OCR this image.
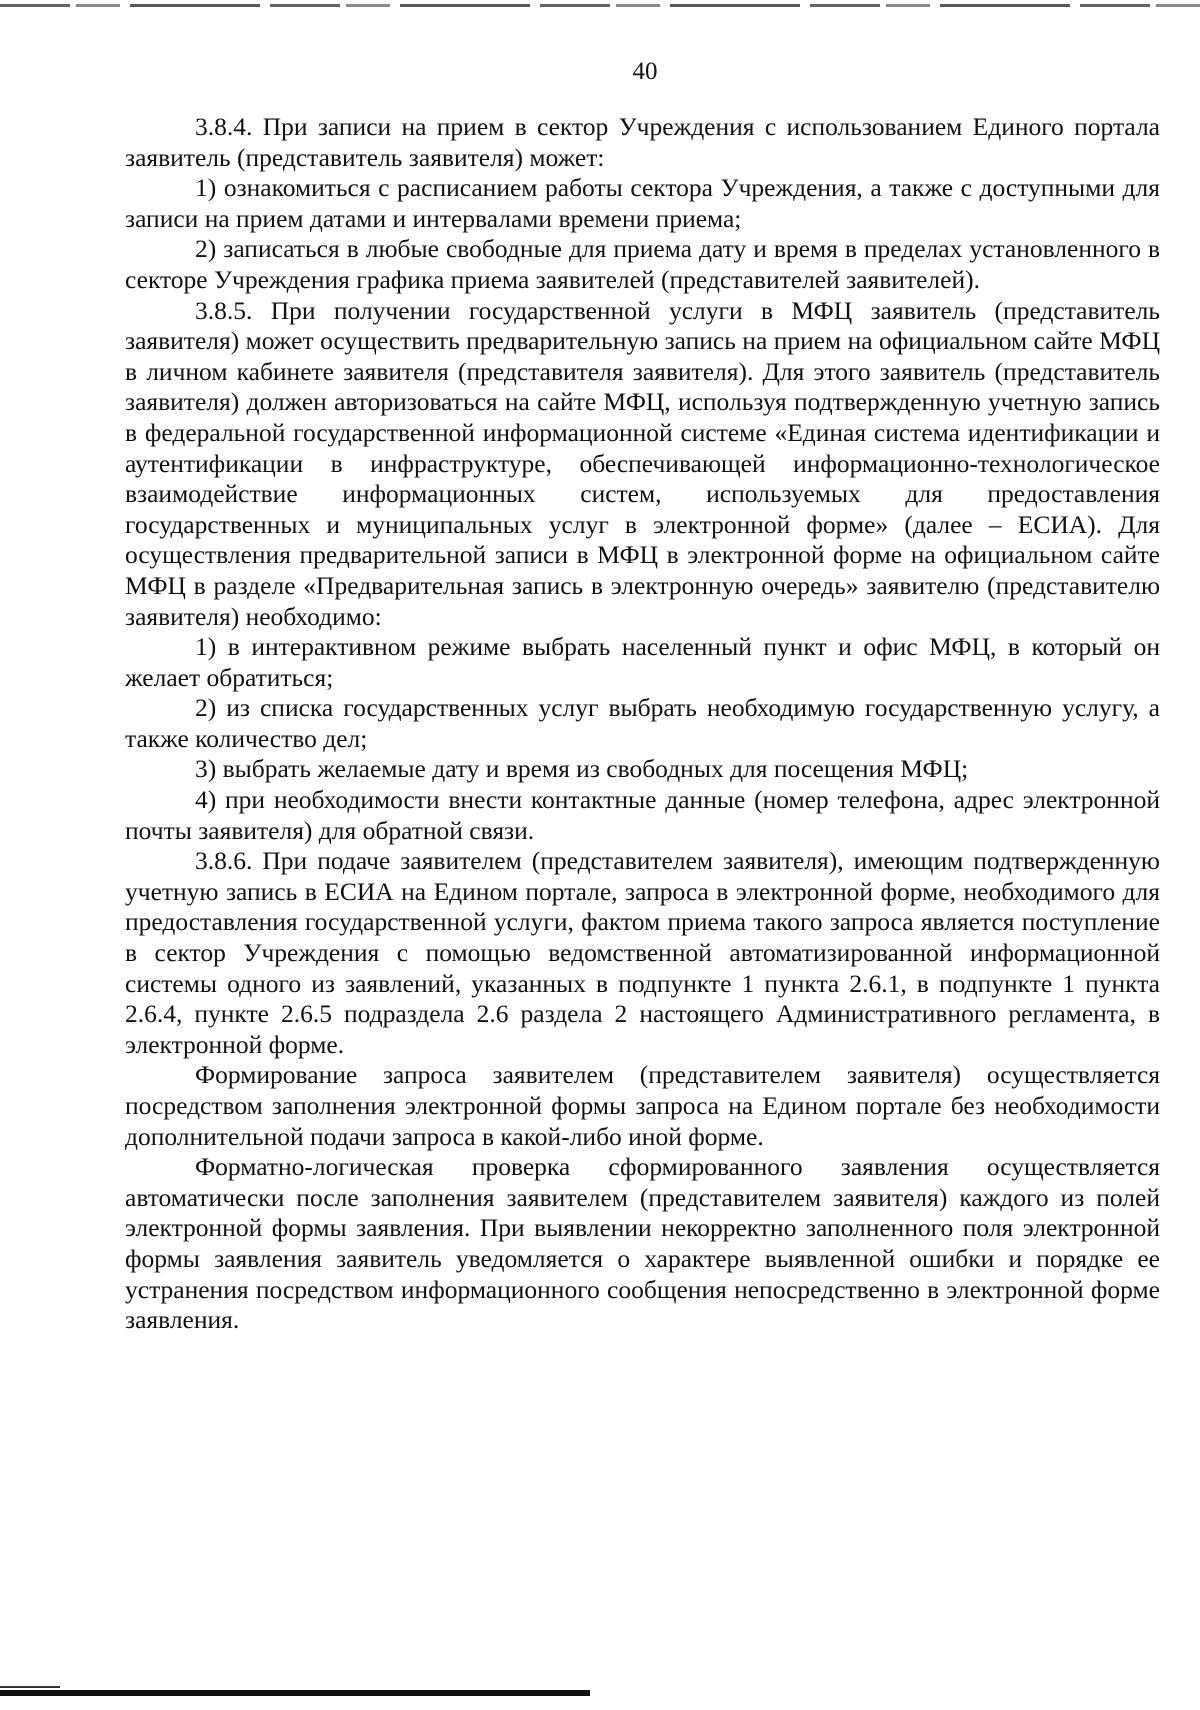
40

3.8.4. При записи на прием в сектор Учреждения с использованием Единого портала заявитель (представитель заявителя) может:

1) ознакомиться с расписанием работы сектора Учреждения, а также с доступными для записи на прием датами и интервалами времени приема;

2) записаться в любые свободные для приема дату и время в пределах установленного в секторе Учреждения графика приема заявителей (представителей заявителей).

3.8.5. При получении государственной услуги в МФЦ заявитель (представитель заявителя) может осуществить предварительную запись на прием на официальном сайте МФЦ в личном кабинете заявителя (представителя заявителя). Для этого заявитель (представитель заявителя) должен авторизоваться на сайте МФЦ, используя подтвержденную учетную запись в федеральной государственной информационной системе «Единая система идентификации и аутентификации в инфраструктуре, обеспечивающей информационно-технологическое взаимодействие информационных систем, используемых для предоставления государственных и муниципальных услуг в электронной форме» (далее – ЕСИА). Для осуществления предварительной записи в МФЦ в электронной форме на официальном сайте МФЦ в разделе «Предварительная запись в электронную очередь» заявителю (представителю заявителя) необходимо:

1) в интерактивном режиме выбрать населенный пункт и офис МФЦ, в который он желает обратиться;

2) из списка государственных услуг выбрать необходимую государственную услугу, а также количество дел;

3) выбрать желаемые дату и время из свободных для посещения МФЦ;

4) при необходимости внести контактные данные (номер телефона, адрес электронной почты заявителя) для обратной связи.

3.8.6. При подаче заявителем (представителем заявителя), имеющим подтвержденную учетную запись в ЕСИА на Едином портале, запроса в электронной форме, необходимого для предоставления государственной услуги, фактом приема такого запроса является поступление в сектор Учреждения с помощью ведомственной автоматизированной информационной системы одного из заявлений, указанных в подпункте 1 пункта 2.6.1, в подпункте 1 пункта 2.6.4, пункте 2.6.5 подраздела 2.6 раздела 2 настоящего Административного регламента, в электронной форме.

Формирование запроса заявителем (представителем заявителя) осуществляется посредством заполнения электронной формы запроса на Едином портале без необходимости дополнительной подачи запроса в какой-либо иной форме.

Форматно-логическая проверка сформированного заявления осуществляется автоматически после заполнения заявителем (представителем заявителя) каждого из полей электронной формы заявления. При выявлении некорректно заполненного поля электронной формы заявления заявитель уведомляется о характере выявленной ошибки и порядке ее устранения посредством информационного сообщения непосредственно в электронной форме заявления.
